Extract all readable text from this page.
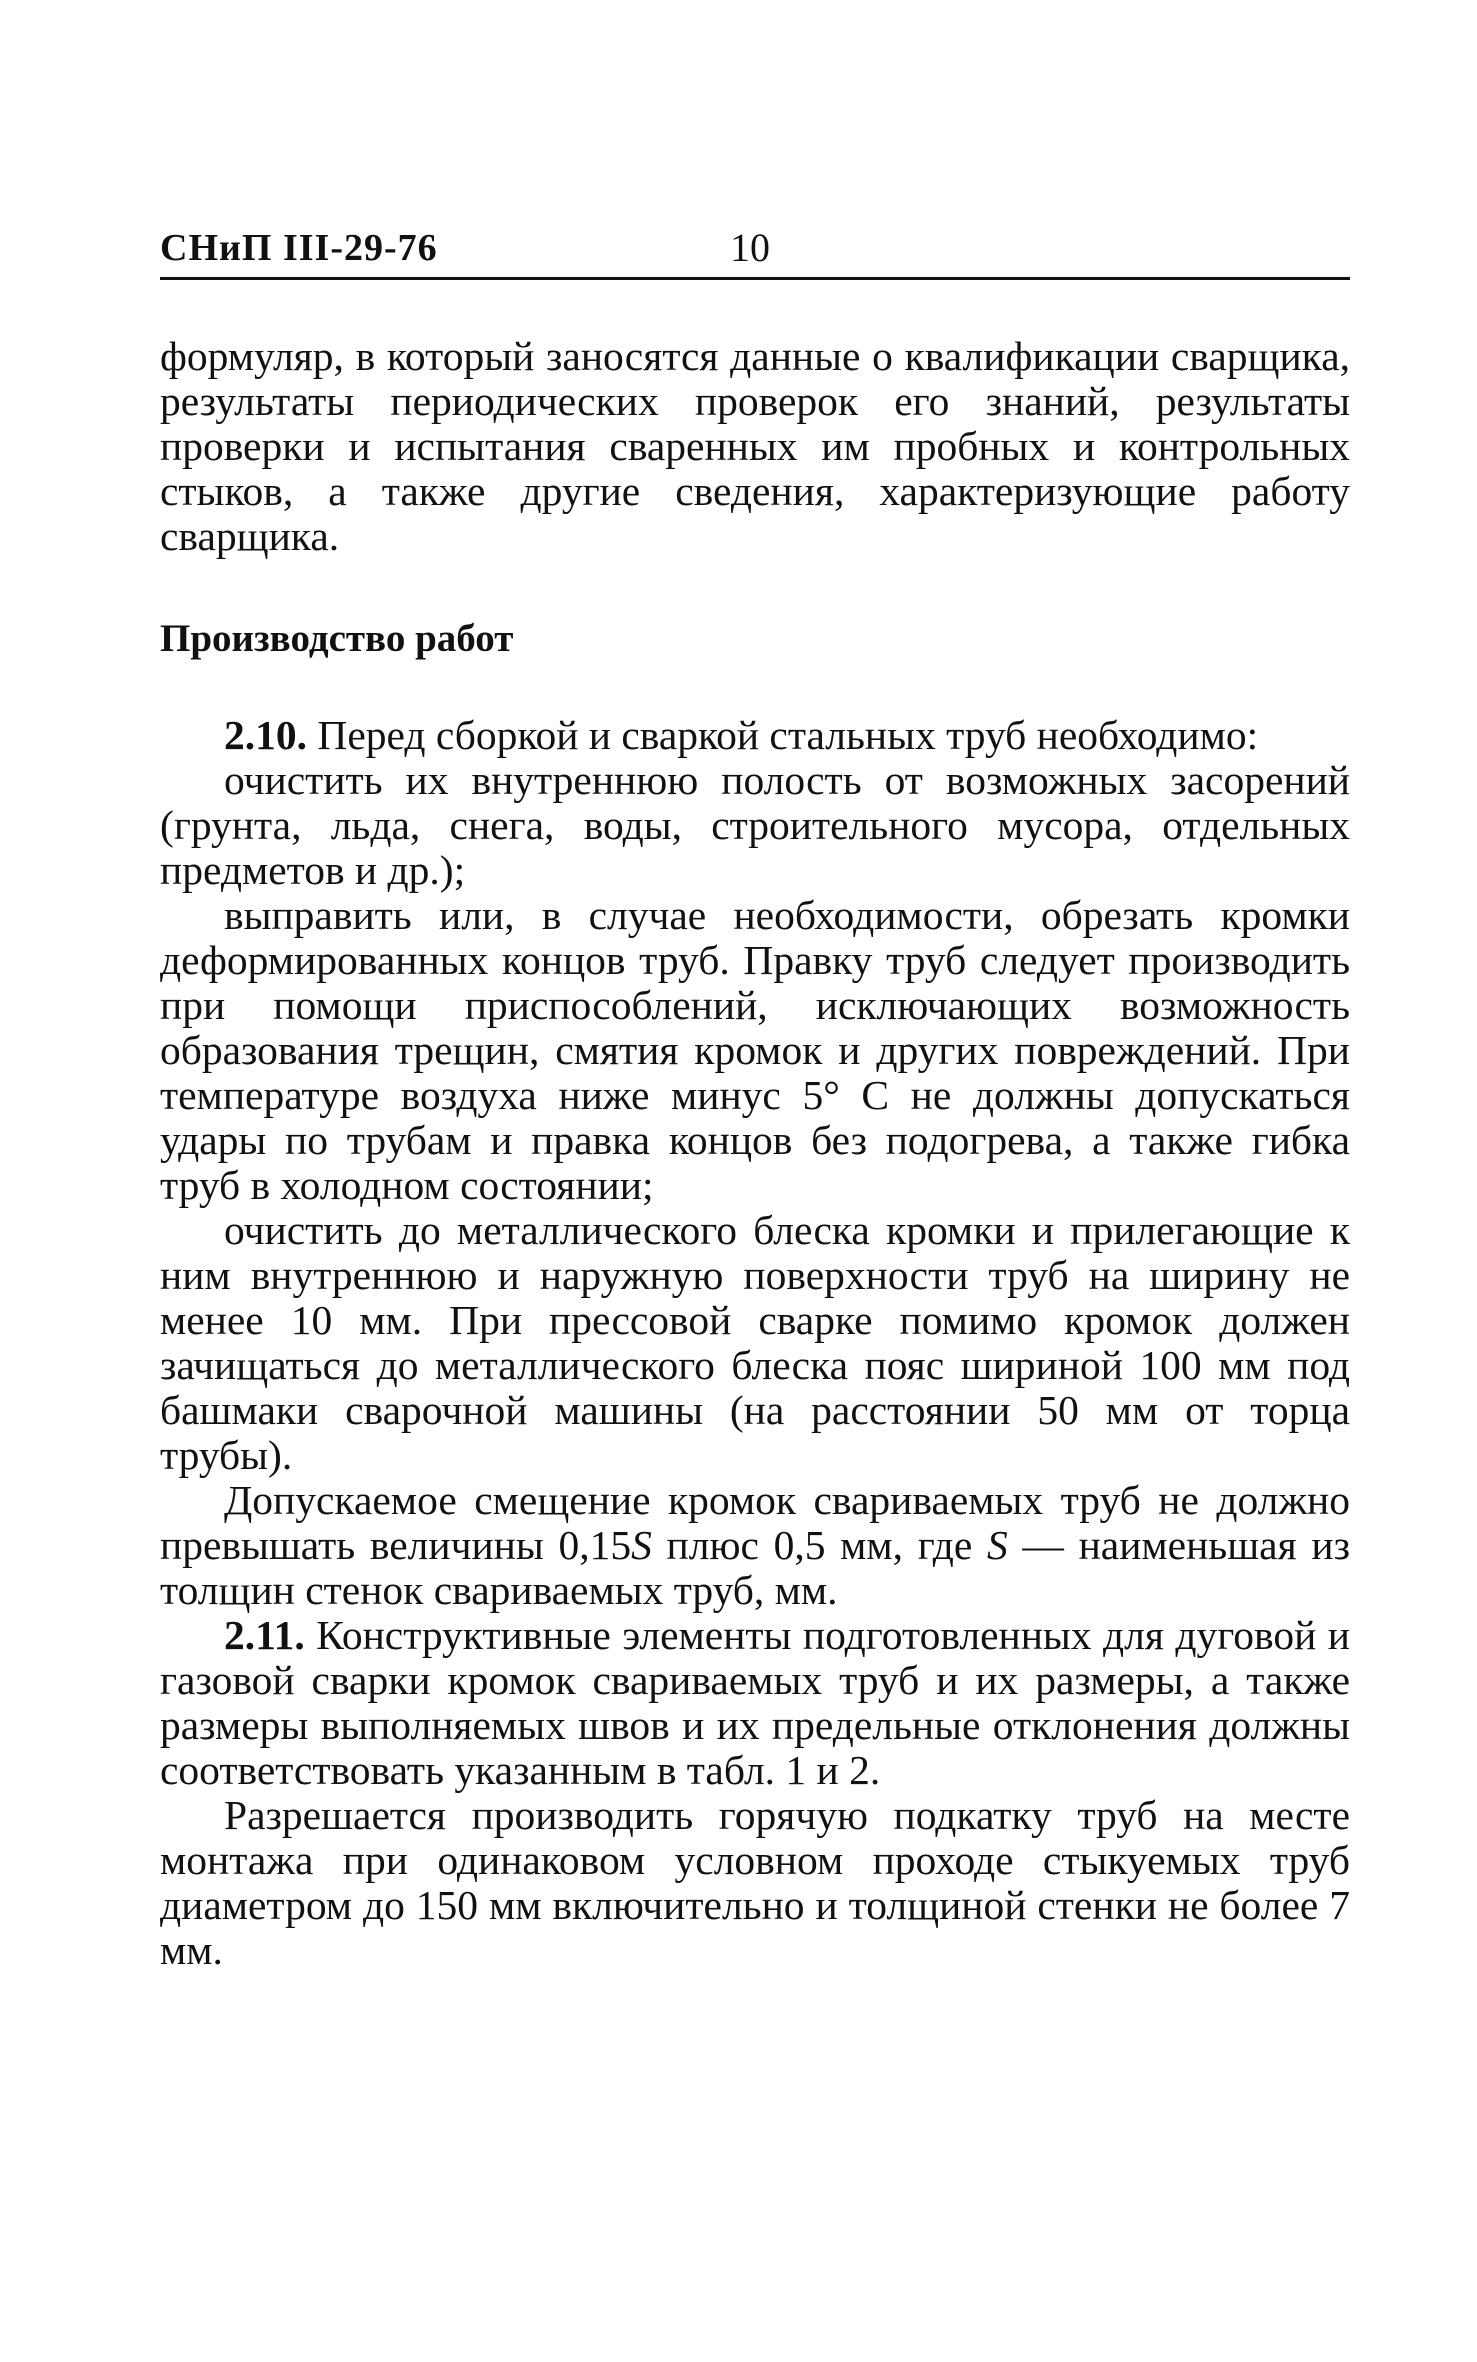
СНиП III-29-76	10

формуляр, в который заносятся данные о квалификации сварщика, результаты периодических проверок его знаний, результаты проверки и испытания сваренных им пробных и контрольных стыков, а также другие сведения, характеризующие работу сварщика.

Производство работ

2.10. Перед сборкой и сваркой стальных труб необходимо:

очистить их внутреннюю полость от возможных засорений (грунта, льда, снега, воды, строительного мусора, отдельных предметов и др.);

выправить или, в случае необходимости, обрезать кромки деформированных концов труб. Правку труб следует производить при помощи приспособлений, исключающих возможность образования трещин, смятия кромок и других повреждений. При температуре воздуха ниже минус 5° С не должны допускаться удары по трубам и правка концов без подогрева, а также гибка труб в холодном состоянии;

очистить до металлического блеска кромки и прилегающие к ним внутреннюю и наружную поверхности труб на ширину не менее 10 мм. При прессовой сварке помимо кромок должен зачищаться до металлического блеска пояс шириной 100 мм под башмаки сварочной машины (на расстоянии 50 мм от торца трубы).

Допускаемое смещение кромок свариваемых труб не должно превышать величины 0,15S плюс 0,5 мм, где S — наименьшая из толщин стенок свариваемых труб, мм.

2.11. Конструктивные элементы подготовленных для дуговой и газовой сварки кромок свариваемых труб и их размеры, а также размеры выполняемых швов и их предельные отклонения должны соответствовать указанным в табл. 1 и 2.

Разрешается производить горячую подкатку труб на месте монтажа при одинаковом условном проходе стыкуемых труб диаметром до 150 мм включительно и толщиной стенки не более 7 мм.
